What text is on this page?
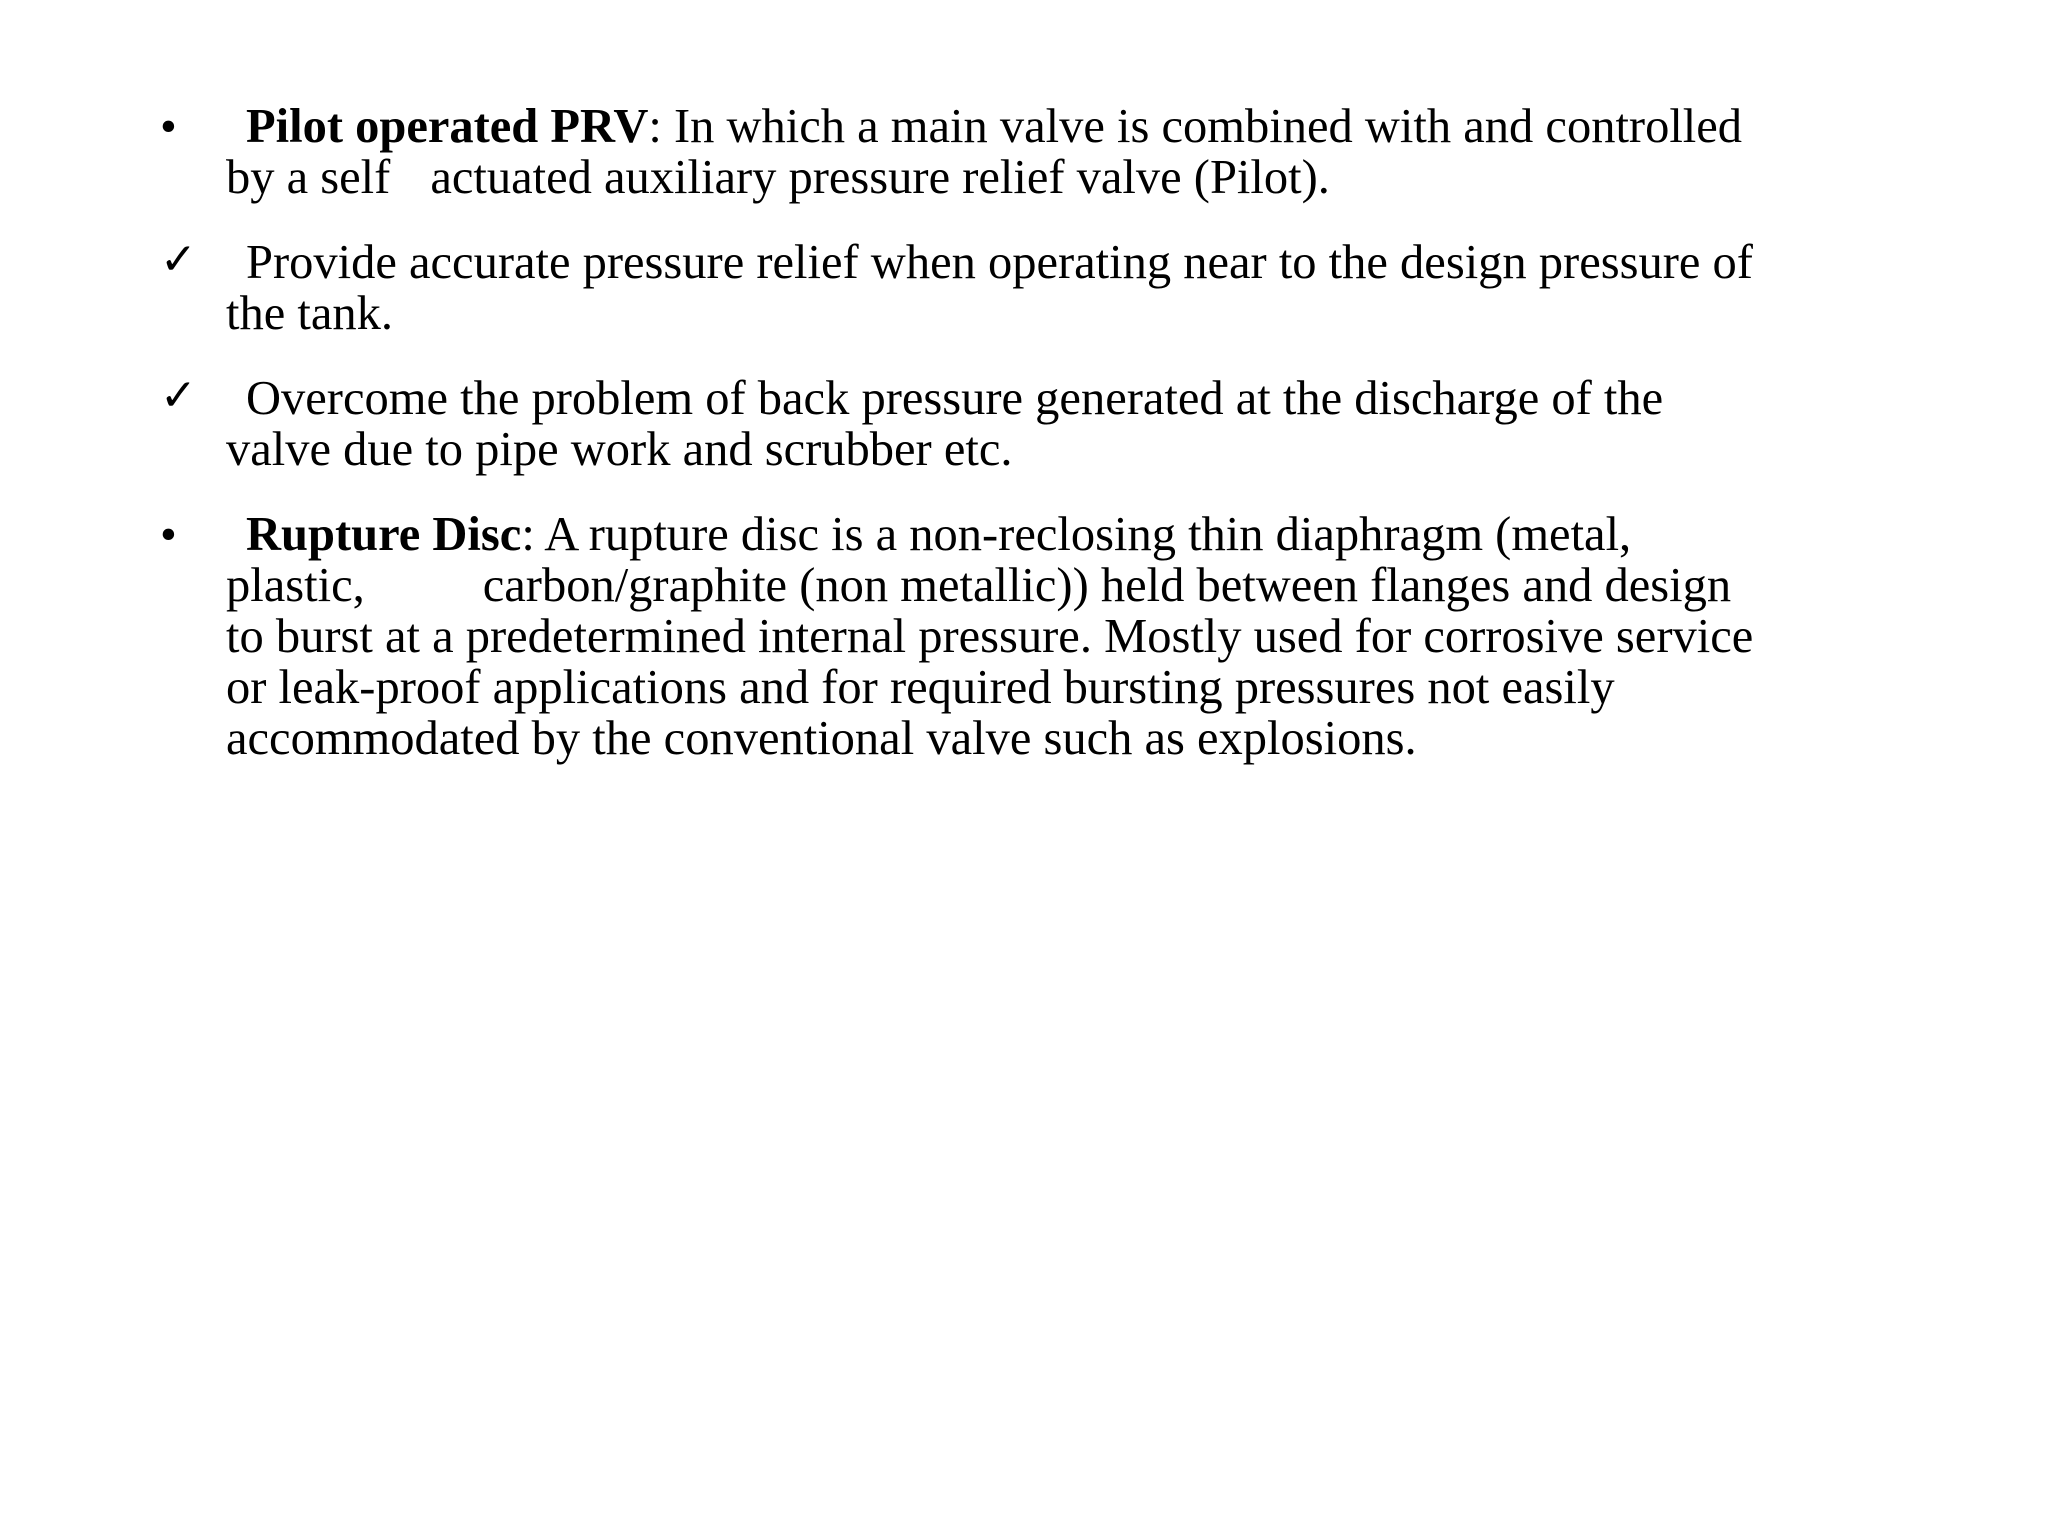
•	Pilot operated PRV: In which a main valve is combined with and controlled
by a self actuated auxiliary pressure relief valve (Pilot).
✓	Provide accurate pressure relief when operating near to the design pressure of
the tank.
✓	Overcome the problem of back pressure generated at the discharge of the
valve due to pipe work and scrubber etc.
•	Rupture Disc: A rupture disc is a non-reclosing thin diaphragm (metal,
plastic, carbon/graphite (non metallic)) held between flanges and design
to burst at a predetermined internal pressure. Mostly used for corrosive service
or leak-proof applications and for required bursting pressures not easily
accommodated by the conventional valve such as explosions.
